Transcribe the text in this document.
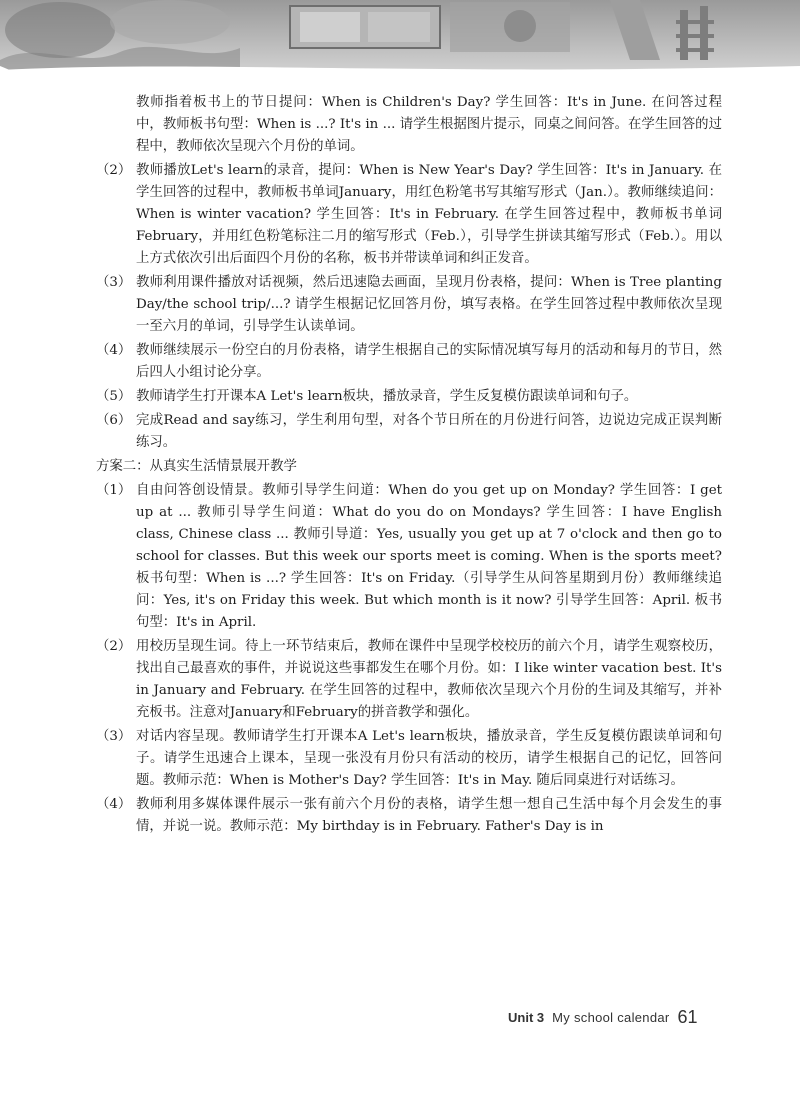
教师指着板书上的节日提问：When is Children's Day? 学生回答：It's in June. 在问答过程中，教师板书句型：When is ...? It's in ... 请学生根据图片提示，同桌之间问答。在学生回答的过程中，教师依次呈现六个月份的单词。

（2） 教师播放Let's learn的录音，提问：When is New Year's Day? 学生回答：It's in January. 在学生回答的过程中，教师板书单词January，用红色粉笔书写其缩写形式（Jan.）。教师继续追问：When is winter vacation? 学生回答：It's in February. 在学生回答过程中，教师板书单词February，并用红色粉笔标注二月的缩写形式（Feb.），引导学生拼读其缩写形式（Feb.）。用以上方式依次引出后面四个月份的名称，板书并带读单词和纠正发音。
（3） 教师利用课件播放对话视频，然后迅速隐去画面，呈现月份表格，提问：When is Tree planting Day/the school trip/...? 请学生根据记忆回答月份，填写表格。在学生回答过程中教师依次呈现一至六月的单词，引导学生认读单词。
（4） 教师继续展示一份空白的月份表格，请学生根据自己的实际情况填写每月的活动和每月的节日，然后四人小组讨论分享。
（5） 教师请学生打开课本A Let's learn板块，播放录音，学生反复模仿跟读单词和句子。
（6） 完成Read and say练习，学生利用句型，对各个节日所在的月份进行问答，边说边完成正误判断练习。

方案二：从真实生活情景展开教学

（1） 自由问答创设情景。教师引导学生问道：When do you get up on Monday? 学生回答：I get up at ... 教师引导学生问道：What do you do on Mondays? 学生回答：I have English class, Chinese class ... 教师引导道：Yes, usually you get up at 7 o'clock and then go to school for classes. But this week our sports meet is coming. When is the sports meet? 板书句型：When is ...? 学生回答：It's on Friday.（引导学生从问答星期到月份）教师继续追问：Yes, it's on Friday this week. But which month is it now? 引导学生回答：April. 板书句型：It's in April.
（2） 用校历呈现生词。待上一环节结束后，教师在课件中呈现学校校历的前六个月，请学生观察校历，找出自己最喜欢的事件，并说说这些事都发生在哪个月份。如：I like winter vacation best. It's in January and February. 在学生回答的过程中，教师依次呈现六个月份的生词及其缩写，并补充板书。注意对January和February的拼音教学和强化。
（3） 对话内容呈现。教师请学生打开课本A Let's learn板块，播放录音，学生反复模仿跟读单词和句子。请学生迅速合上课本，呈现一张没有月份只有活动的校历，请学生根据自己的记忆，回答问题。教师示范：When is Mother's Day? 学生回答：It's in May. 随后同桌进行对话练习。
（4） 教师利用多媒体课件展示一张有前六个月份的表格，请学生想一想自己生活中每个月会发生的事情，并说一说。教师示范：My birthday is in February. Father's Day is in
Unit 3 My school calendar 61
